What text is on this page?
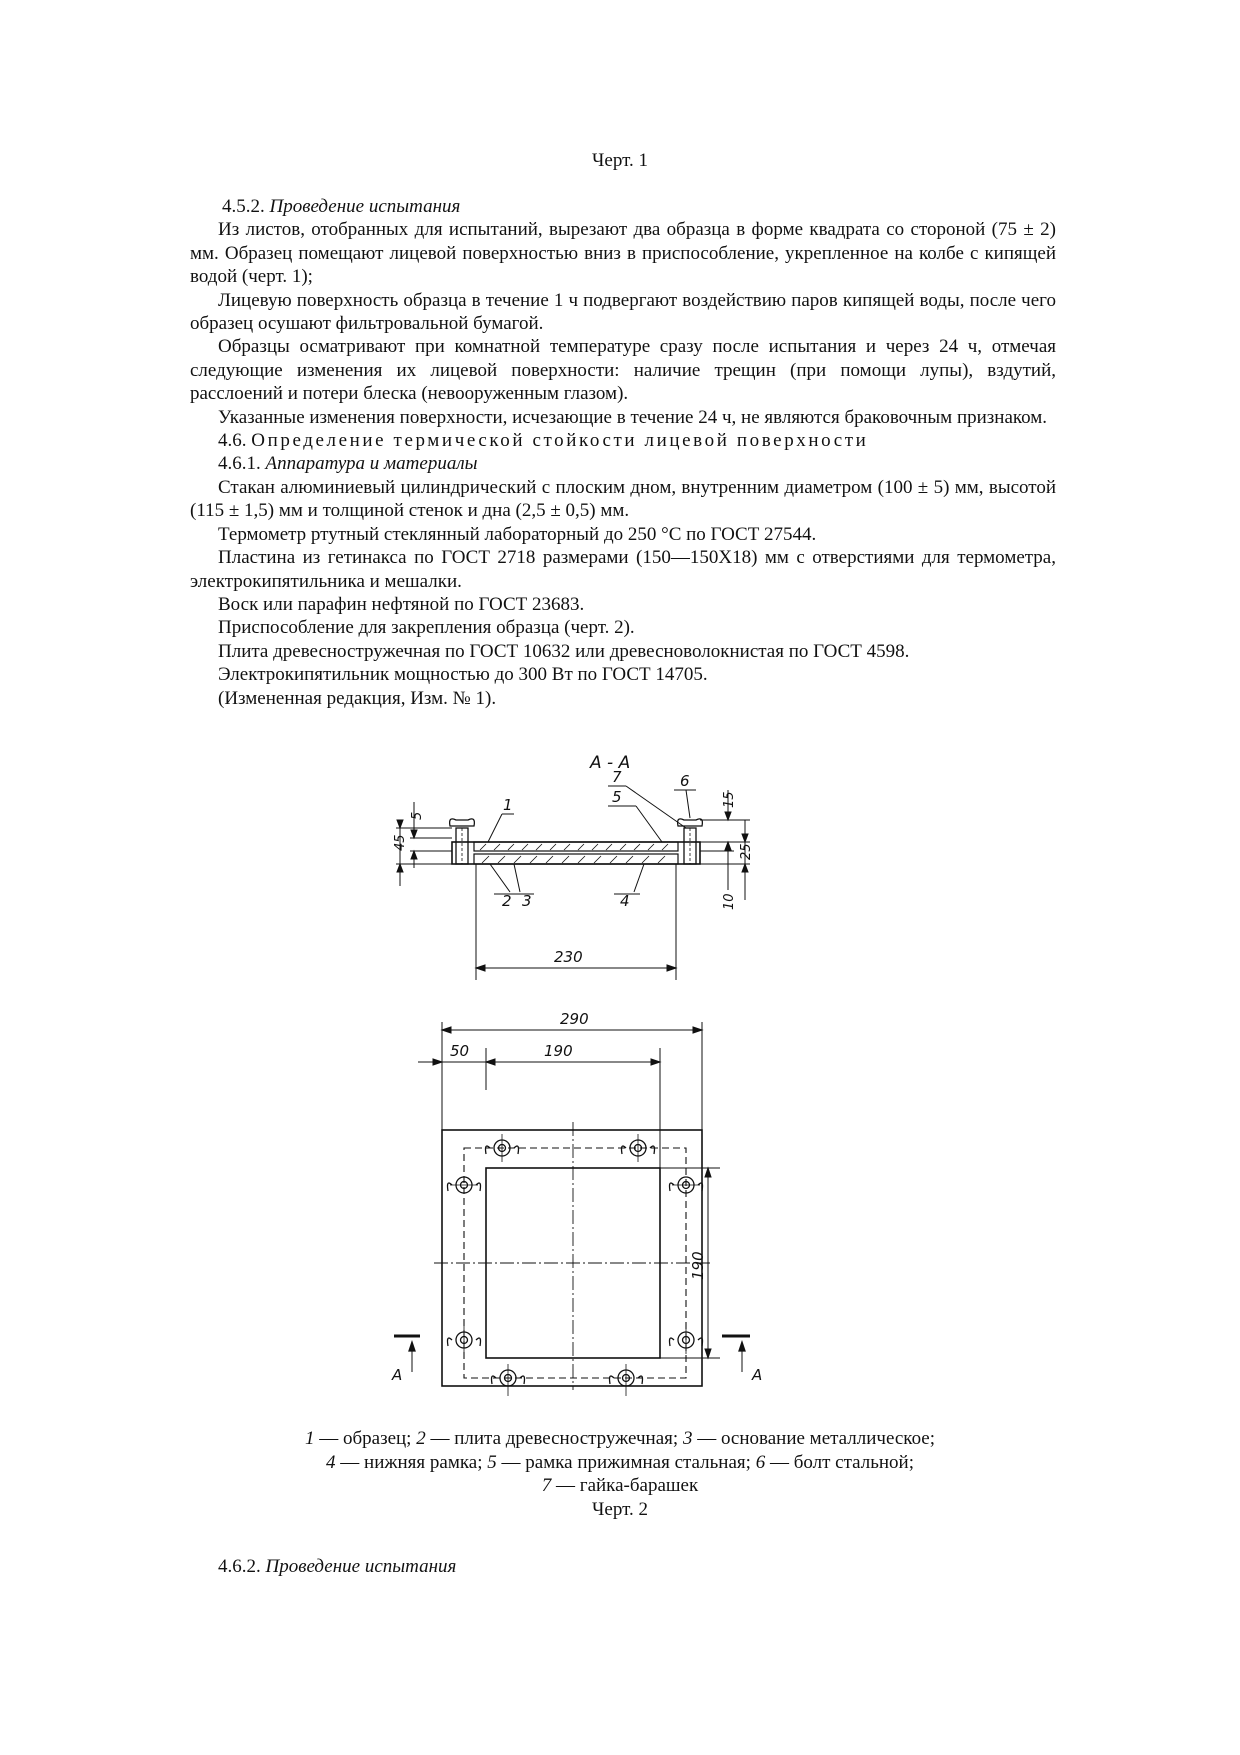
Черт. 1

4.5.2. Проведение испытания

Из листов, отобранных для испытаний, вырезают два образца в форме квадрата со стороной (75 ± 2) мм. Образец помещают лицевой поверхностью вниз в приспособление, укрепленное на колбе с кипящей водой (черт. 1);

Лицевую поверхность образца в течение 1 ч подвергают воздействию паров кипящей воды, после чего образец осушают фильтровальной бумагой.

Образцы осматривают при комнатной температуре сразу после испытания и через 24 ч, отмечая следующие изменения их лицевой поверхности: наличие трещин (при помощи лупы), вздутий, расслоений и потери блеска (невооруженным глазом).

Указанные изменения поверхности, исчезающие в течение 24 ч, не являются браковочным признаком.

4.6. Определение термической стойкости лицевой поверхности

4.6.1. Аппаратура и материалы

Стакан алюминиевый цилиндрический с плоским дном, внутренним диаметром (100 ± 5) мм, высотой (115 ± 1,5) мм и толщиной стенок и дна (2,5 ± 0,5) мм.

Термометр ртутный стеклянный лабораторный до 250 °C по ГОСТ 27544.

Пластина из гетинакса по ГОСТ 2718 размерами (150—150X18) мм с отверстиями для термометра, электрокипятильника и мешалки.

Воск или парафин нефтяной по ГОСТ 23683.

Приспособление для закрепления образца (черт. 2).

Плита древесностружечная по ГОСТ 10632 или древесноволокнистая по ГОСТ 4598.

Электрокипятильник мощностью до 300 Вт по ГОСТ 14705.

(Измененная редакция, Изм. № 1).

А - А
5
45
15
25
10
1
2 3	4
5
7	6
230
290
50	190
190
А	А

1 — образец; 2 — плита древесностружечная; 3 — основание металлическое;

4 — нижняя рамка; 5 — рамка прижимная стальная; 6 — болт стальной;

7 — гайка-барашек

Черт. 2

4.6.2. Проведение испытания
